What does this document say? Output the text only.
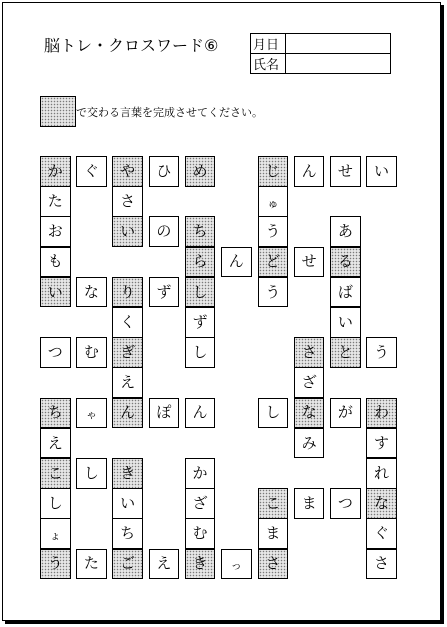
脳トレ・クロスワード⑥	月日	
氏名	
で交わる言葉を完成させてください。
か	ぐ	や	ひ	め	じ	ん	せ	い
た	さ	ゅ
お	い	の	ち	う	あ
も	ら	ん	ど	せ	る
い	な	り	ず	し	う	ば
く	ず	い
つ	む	ぎ	し	さ	と	う
え	ざ
ち	ゃ	ん	ぽ	ん	し	な	が	わ
え	み	す
こ	し	き	か	れ
し	い	ざ	こ	ま	つ	な
ょ	ち	む	ま	ぐ
う	た	ご	え	き	っ	さ	さ
